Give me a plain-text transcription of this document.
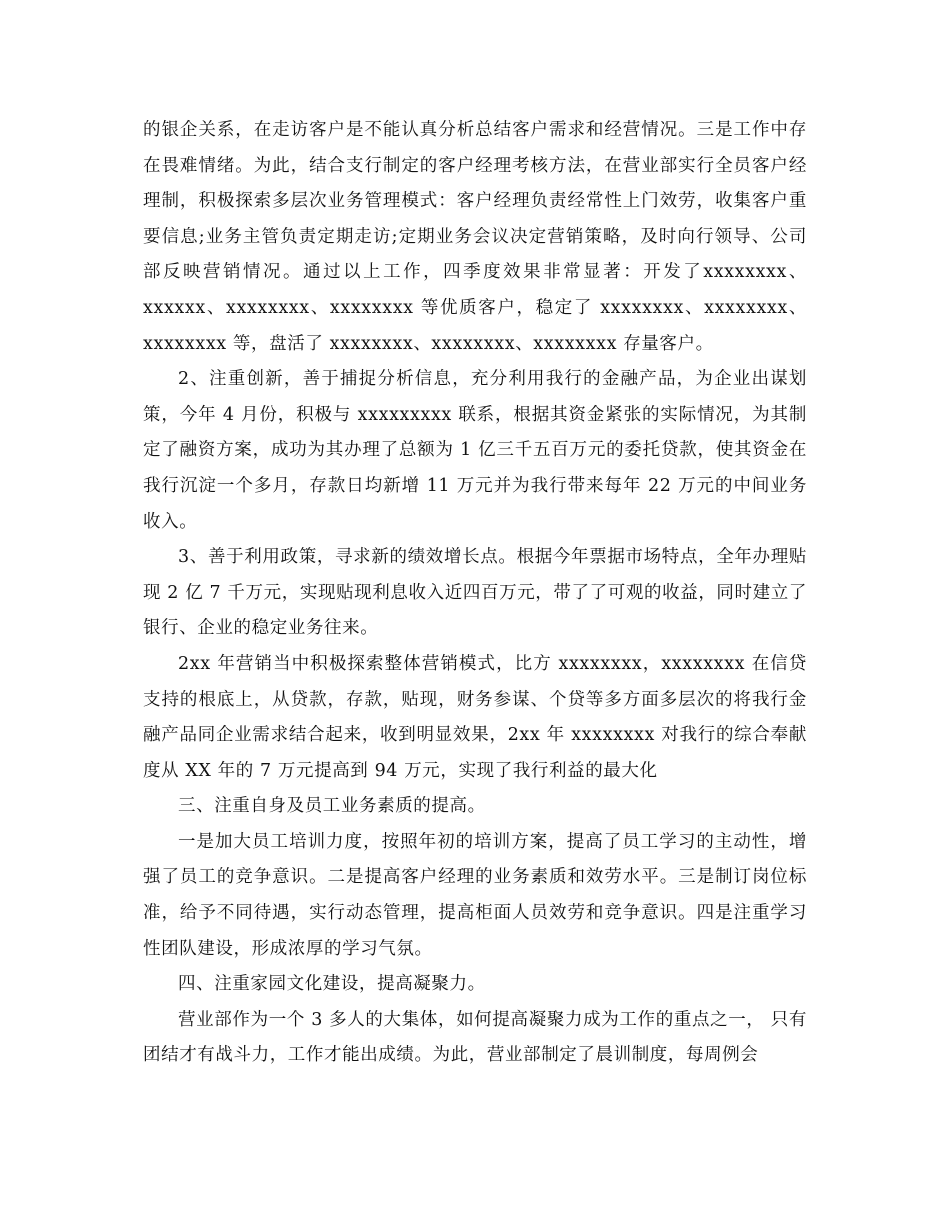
的银企关系，在走访客户是不能认真分析总结客户需求和经营情况。三是工作中存在畏难情绪。为此，结合支行制定的客户经理考核方法，在营业部实行全员客户经理制，积极探索多层次业务管理模式：客户经理负责经常性上门效劳，收集客户重要信息;业务主管负责定期走访;定期业务会议决定营销策略，及时向行领导、公司部反映营销情况。通过以上工作，四季度效果非常显著：开发了xxxxxxxx、xxxxxx、xxxxxxxx、xxxxxxxx 等优质客户，稳定了 xxxxxxxx、xxxxxxxx、xxxxxxxx 等，盘活了 xxxxxxxx、xxxxxxxx、xxxxxxxx 存量客户。

2、注重创新，善于捕捉分析信息，充分利用我行的金融产品，为企业出谋划策，今年 4 月份，积极与 xxxxxxxxx 联系，根据其资金紧张的实际情况，为其制定了融资方案，成功为其办理了总额为 1 亿三千五百万元的委托贷款，使其资金在我行沉淀一个多月，存款日均新增 11 万元并为我行带来每年 22 万元的中间业务收入。

3、善于利用政策，寻求新的绩效增长点。根据今年票据市场特点，全年办理贴现 2 亿 7 千万元，实现贴现利息收入近四百万元，带了了可观的收益，同时建立了银行、企业的稳定业务往来。

2xx 年营销当中积极探索整体营销模式，比方 xxxxxxxx，xxxxxxxx 在信贷支持的根底上，从贷款，存款，贴现，财务参谋、个贷等多方面多层次的将我行金融产品同企业需求结合起来，收到明显效果，2xx 年 xxxxxxxx 对我行的综合奉献度从 XX 年的 7 万元提高到 94 万元，实现了我行利益的最大化

三、注重自身及员工业务素质的提高。

一是加大员工培训力度，按照年初的培训方案，提高了员工学习的主动性，增强了员工的竞争意识。二是提高客户经理的业务素质和效劳水平。三是制订岗位标准，给予不同待遇，实行动态管理，提高柜面人员效劳和竞争意识。四是注重学习性团队建设，形成浓厚的学习气氛。

四、注重家园文化建设，提高凝聚力。

营业部作为一个 3 多人的大集体，如何提高凝聚力成为工作的重点之一， 只有团结才有战斗力，工作才能出成绩。为此，营业部制定了晨训制度，每周例会
